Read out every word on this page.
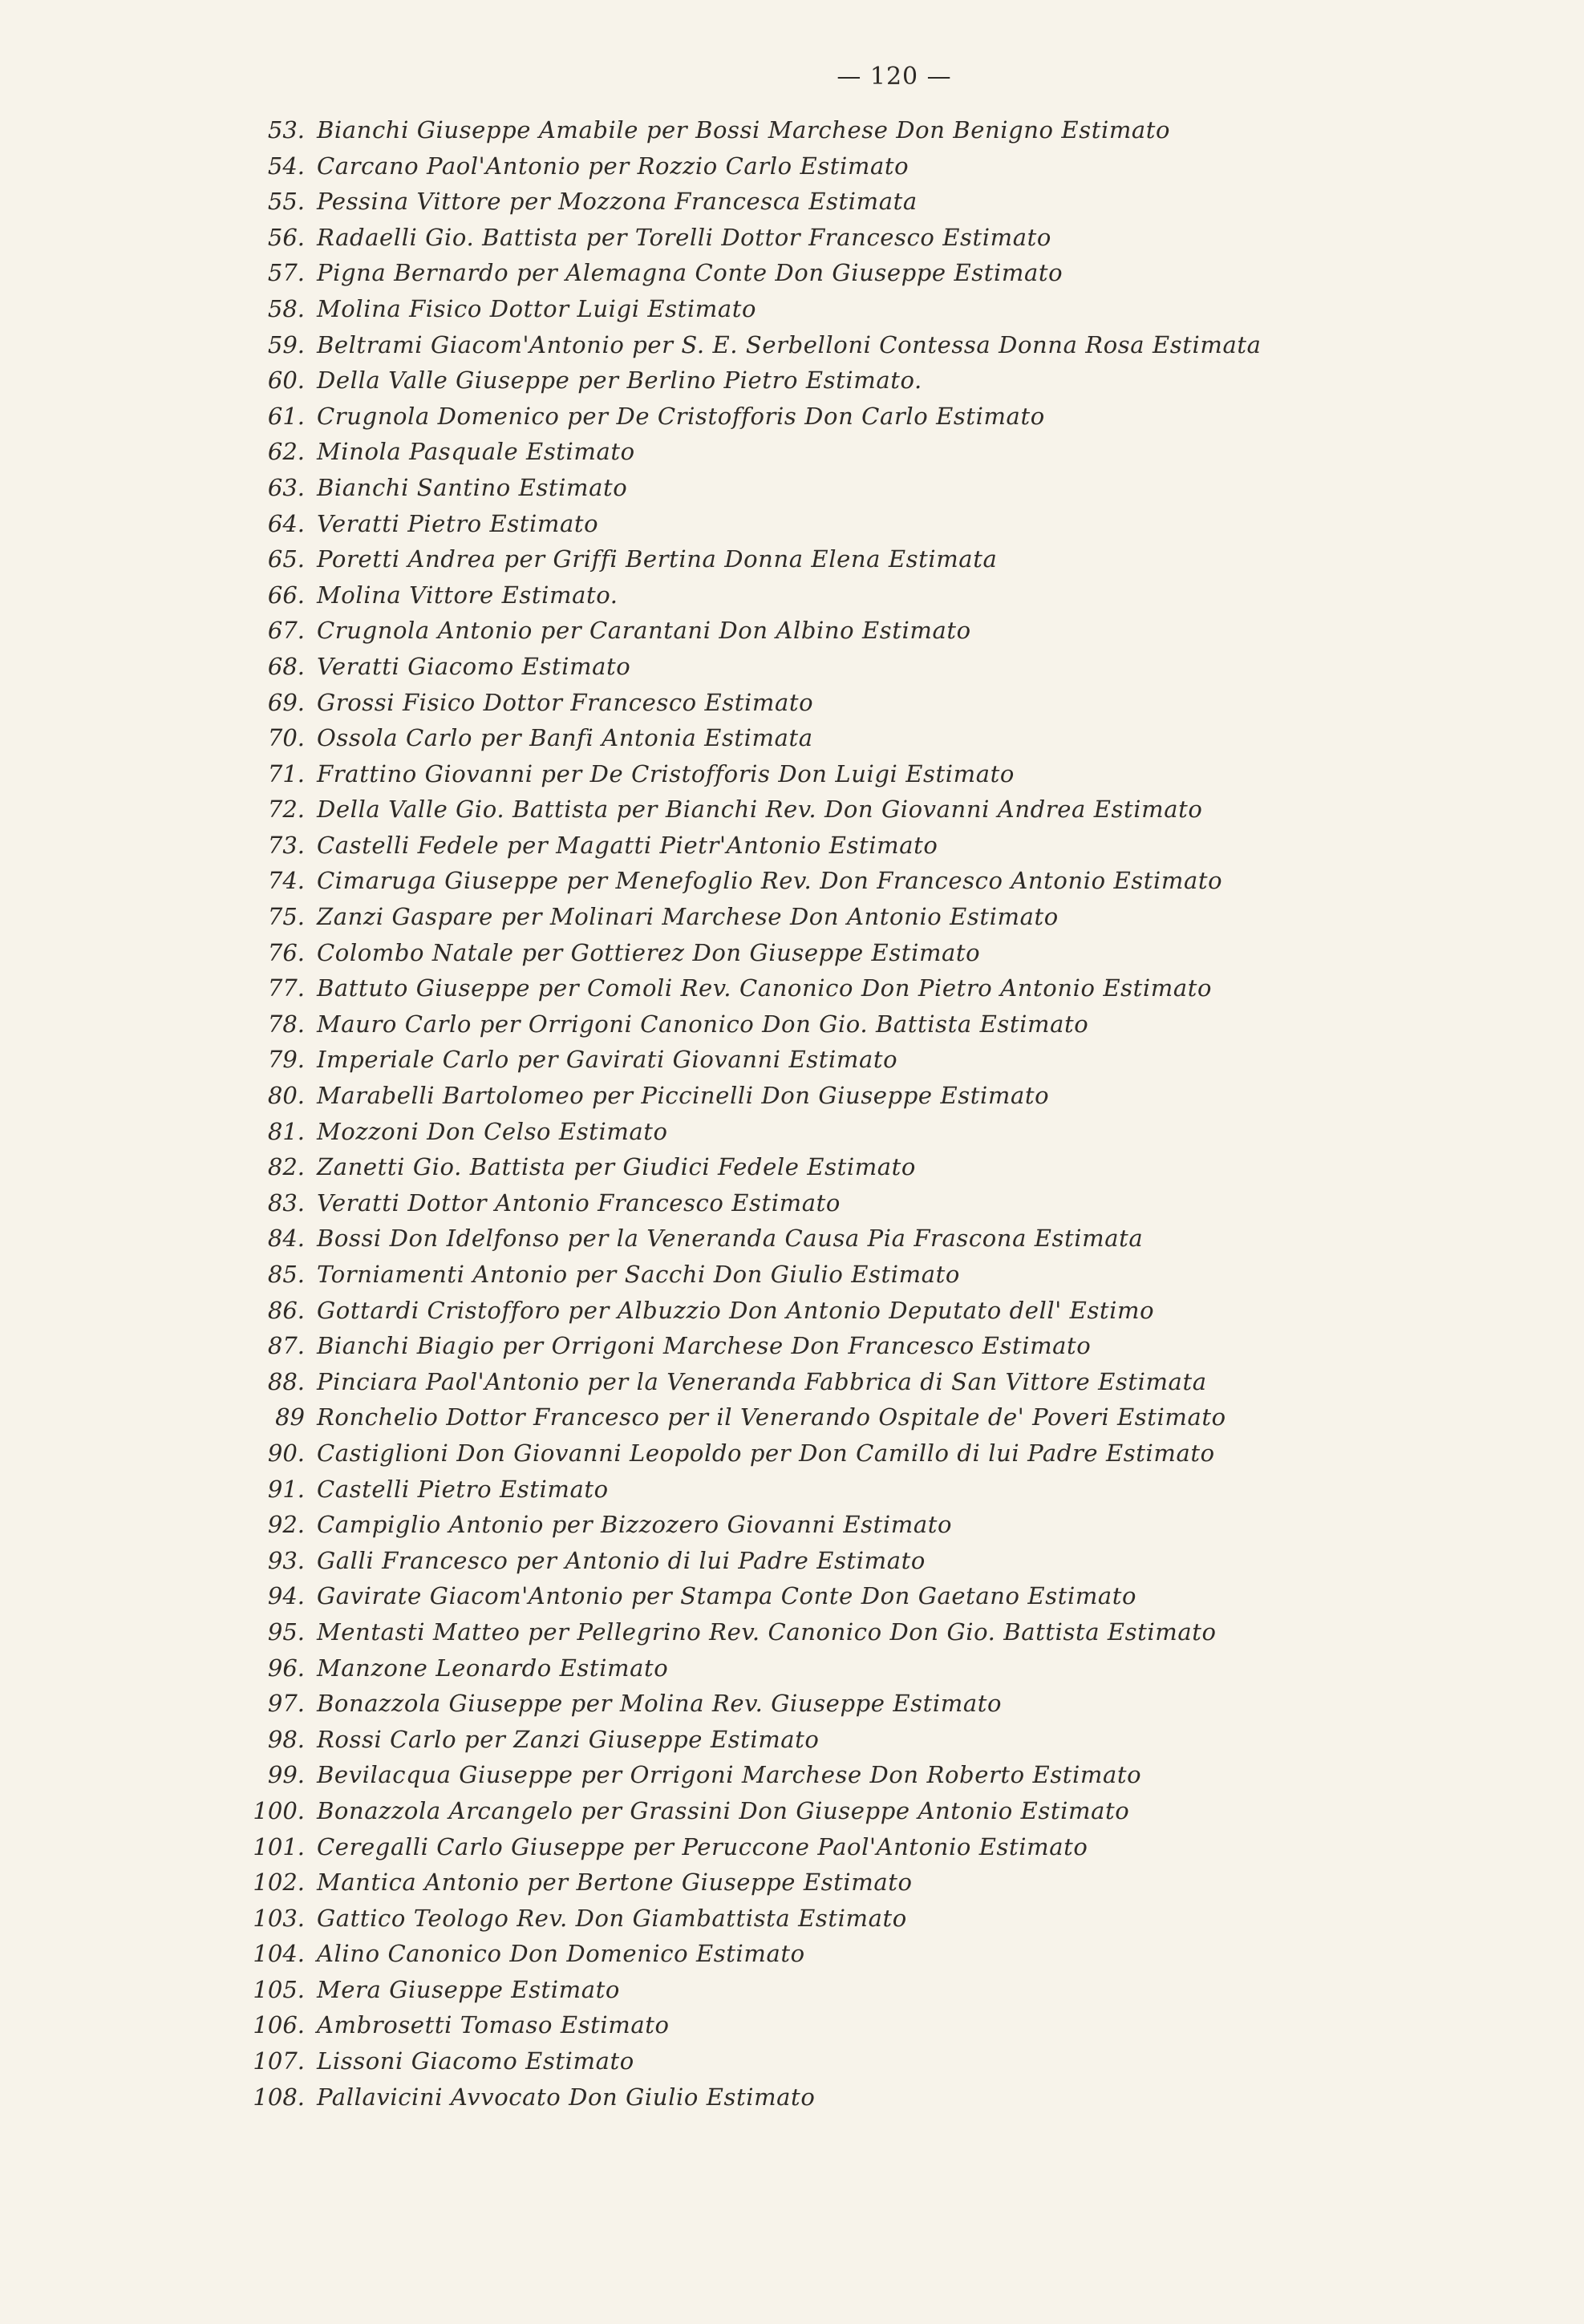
— 120 —
53. Bianchi Giuseppe Amabile per Bossi Marchese Don Benigno Estimato
54. Carcano Paol'Antonio per Rozzio Carlo Estimato
55. Pessina Vittore per Mozzona Francesca Estimata
56. Radaelli Gio. Battista per Torelli Dottor Francesco Estimato
57. Pigna Bernardo per Alemagna Conte Don Giuseppe Estimato
58. Molina Fisico Dottor Luigi Estimato
59. Beltrami Giacom'Antonio per S. E. Serbelloni Contessa Donna Rosa Estimata
60. Della Valle Giuseppe per Berlino Pietro Estimato.
61. Crugnola Domenico per De Cristofforis Don Carlo Estimato
62. Minola Pasquale Estimato
63. Bianchi Santino Estimato
64. Veratti Pietro Estimato
65. Poretti Andrea per Griffi Bertina Donna Elena Estimata
66. Molina Vittore Estimato.
67. Crugnola Antonio per Carantani Don Albino Estimato
68. Veratti Giacomo Estimato
69. Grossi Fisico Dottor Francesco Estimato
70. Ossola Carlo per Banfi Antonia Estimata
71. Frattino Giovanni per De Cristofforis Don Luigi Estimato
72. Della Valle Gio. Battista per Bianchi Rev. Don Giovanni Andrea Estimato
73. Castelli Fedele per Magatti Pietr'Antonio Estimato
74. Cimaruga Giuseppe per Menefoglio Rev. Don Francesco Antonio Estimato
75. Zanzi Gaspare per Molinari Marchese Don Antonio Estimato
76. Colombo Natale per Gottierez Don Giuseppe Estimato
77. Battuto Giuseppe per Comoli Rev. Canonico Don Pietro Antonio Estimato
78. Mauro Carlo per Orrigoni Canonico Don Gio. Battista Estimato
79. Imperiale Carlo per Gavirati Giovanni Estimato
80. Marabelli Bartolomeo per Piccinelli Don Giuseppe Estimato
81. Mozzoni Don Celso Estimato
82. Zanetti Gio. Battista per Giudici Fedele Estimato
83. Veratti Dottor Antonio Francesco Estimato
84. Bossi Don Idelfonso per la Veneranda Causa Pia Frascona Estimata
85. Torniamenti Antonio per Sacchi Don Giulio Estimato
86. Gottardi Cristofforo per Albuzzio Don Antonio Deputato dell' Estimo
87. Bianchi Biagio per Orrigoni Marchese Don Francesco Estimato
88. Pinciara Paol'Antonio per la Veneranda Fabbrica di San Vittore Estimata
89 Ronchelio Dottor Francesco per il Venerando Ospitale de' Poveri Estimato
90. Castiglioni Don Giovanni Leopoldo per Don Camillo di lui Padre Estimato
91. Castelli Pietro Estimato
92. Campiglio Antonio per Bizzozero Giovanni Estimato
93. Galli Francesco per Antonio di lui Padre Estimato
94. Gavirate Giacom'Antonio per Stampa Conte Don Gaetano Estimato
95. Mentasti Matteo per Pellegrino Rev. Canonico Don Gio. Battista Estimato
96. Manzone Leonardo Estimato
97. Bonazzola Giuseppe per Molina Rev. Giuseppe Estimato
98. Rossi Carlo per Zanzi Giuseppe Estimato
99. Bevilacqua Giuseppe per Orrigoni Marchese Don Roberto Estimato
100. Bonazzola Arcangelo per Grassini Don Giuseppe Antonio Estimato
101. Ceregalli Carlo Giuseppe per Peruccone Paol'Antonio Estimato
102. Mantica Antonio per Bertone Giuseppe Estimato
103. Gattico Teologo Rev. Don Giambattista Estimato
104. Alino Canonico Don Domenico Estimato
105. Mera Giuseppe Estimato
106. Ambrosetti Tomaso Estimato
107. Lissoni Giacomo Estimato
108. Pallavicini Avvocato Don Giulio Estimato
